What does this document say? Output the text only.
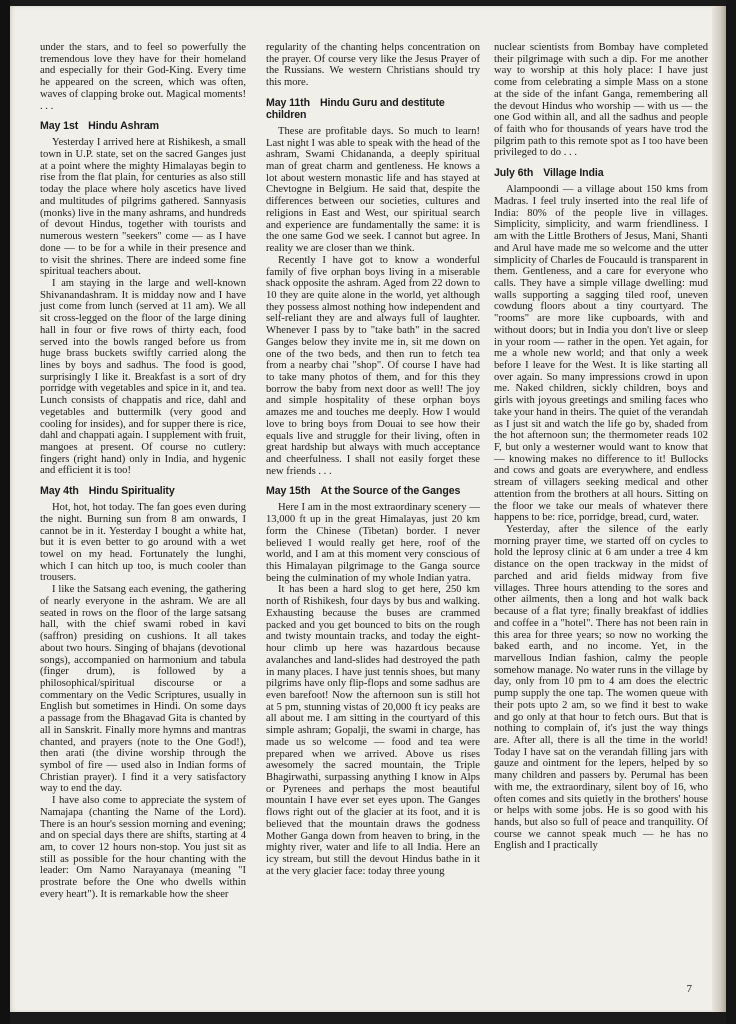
under the stars, and to feel so powerfully the tremendous love they have for their homeland and especially for their God-King. Every time he appeared on the screen, which was often, waves of clapping broke out. Magical moments! . . .

May 1st Hindu Ashram

Yesterday I arrived here at Rishikesh, a small town in U.P. state, set on the sacred Ganges just at a point where the mighty Himalayas begin to rise from the flat plain, for centuries as also still today the place where holy ascetics have lived and multitudes of pilgrims gathered. Sannyasis (monks) live in the many ashrams, and hundreds of devout Hindus, together with tourists and numerous western "seekers" come — as I have done — to be for a while in their presence and to visit the shrines. There are indeed some fine spiritual teachers about.

I am staying in the large and well-known Shivanandashram. It is midday now and I have just come from lunch (served at 11 am). We all sit cross-legged on the floor of the large dining hall in four or five rows of thirty each, food served into the bowls ranged before us from huge brass buckets swiftly carried along the lines by boys and sadhus. The food is good, surprisingly I like it. Breakfast is a sort of dry porridge with vegetables and spice in it, and tea. Lunch consists of chappatis and rice, dahl and vegetables and buttermilk (very good and cooling for insides), and for supper there is rice, dahl and chappati again. I supplement with fruit, mangoes at present. Of course no cutlery: fingers (right hand) only in India, and hygenic and efficient it is too!

May 4th Hindu Spirituality

Hot, hot, hot today. The fan goes even during the night. Burning sun from 8 am onwards, I cannot be in it. Yesterday I bought a white hat, but it is even better to go around with a wet towel on my head. Fortunately the lunghi, which I can hitch up too, is much cooler than trousers.

I like the Satsang each evening, the gathering of nearly everyone in the ashram. We are all seated in rows on the floor of the large satsang hall, with the chief swami robed in kavi (saffron) presiding on cushions. It all takes about two hours. Singing of bhajans (devotional songs), accompanied on harmonium and tabula (finger drum), is followed by a philosophical/spiritual discourse or a commentary on the Vedic Scriptures, usually in English but sometimes in Hindi. On some days a passage from the Bhagavad Gita is chanted by all in Sanskrit. Finally more hymns and mantras chanted, and prayers (note to the One God!), then arati (the divine worship through the symbol of fire — used also in Indian forms of Christian prayer). I find it a very satisfactory way to end the day.

I have also come to appreciate the system of Namajapa (chanting the Name of the Lord). There is an hour's session morning and evening; and on special days there are shifts, starting at 4 am, to cover 12 hours non-stop. You just sit as still as possible for the hour chanting with the leader: Om Namo Narayanaya (meaning "I prostrate before the One who dwells within every heart"). It is remarkable how the sheer

regularity of the chanting helps concentration on the prayer. Of course very like the Jesus Prayer of the Russians. We western Christians should try this more.

May 11th Hindu Guru and destitute children

These are profitable days. So much to learn! Last night I was able to speak with the head of the ashram, Swami Chidananda, a deeply spiritual man of great charm and gentleness. He knows a lot about western monastic life and has stayed at Chevtogne in Belgium. He said that, despite the differences between our societies, cultures and religions in East and West, our spiritual search and experience are fundamentally the same: it is the one same God we seek. I cannot but agree. In reality we are closer than we think.

Recently I have got to know a wonderful family of five orphan boys living in a miserable shack opposite the ashram. Aged from 22 down to 10 they are quite alone in the world, yet although they possess almost nothing how independent and self-reliant they are and always full of laughter. Whenever I pass by to "take bath" in the sacred Ganges below they invite me in, sit me down on one of the two beds, and then run to fetch tea from a nearby chai "shop". Of course I have had to take many photos of them, and for this they borrow the baby from next door as well! The joy and simple hospitality of these orphan boys amazes me and touches me deeply. How I would love to bring boys from Douai to see how their equals live and struggle for their living, often in great hardship but always with much acceptance and cheerfulness. I shall not easily forget these new friends . . .

May 15th At the Source of the Ganges

Here I am in the most extraordinary scenery — 13,000 ft up in the great Himalayas, just 20 km form the Chinese (Tibetan) border. I never believed I would really get here, roof of the world, and I am at this moment very conscious of this Himalayan pilgrimage to the Ganga source being the culmination of my whole Indian yatra.

It has been a hard slog to get here, 250 km north of Rishikesh, four days by bus and walking. Exhausting because the buses are crammed packed and you get bounced to bits on the rough and twisty mountain tracks, and today the eight-hour climb up here was hazardous because avalanches and land-slides had destroyed the path in many places. I have just tennis shoes, but many pilgrims have only flip-flops and some sadhus are even barefoot! Now the afternoon sun is still hot at 5 pm, stunning vistas of 20,000 ft icy peaks are all about me. I am sitting in the courtyard of this simple ashram; Gopalji, the swami in charge, has made us so welcome — food and tea were prepared when we arrived. Above us rises awesomely the sacred mountain, the Triple Bhagirwathi, surpassing anything I know in Alps or Pyrenees and perhaps the most beautiful mountain I have ever set eyes upon. The Ganges flows right out of the glacier at its foot, and it is believed that the mountain draws the godness Mother Ganga down from heaven to bring, in the mighty river, water and life to all India. Here an icy stream, but still the devout Hindus bathe in it at the very glacier face: today three young

nuclear scientists from Bombay have completed their pilgrimage with such a dip. For me another way to worship at this holy place: I have just come from celebrating a simple Mass on a stone at the side of the infant Ganga, remembering all the devout Hindus who worship — with us — the one God within all, and all the sadhus and people of faith who for thousands of years have trod the pilgrim path to this remote spot as I too have been privileged to do . . .

July 6th Village India

Alampoondi — a village about 150 kms from Madras. I feel truly inserted into the real life of India: 80% of the people live in villages. Simplicity, simplicity, and warm friendliness. I am with the Little Brothers of Jesus, Mani, Shanti and Arul have made me so welcome and the utter simplicity of Charles de Foucauld is transparent in them. Gentleness, and a care for everyone who calls. They have a simple village dwelling: mud walls supporting a sagging tiled roof, uneven cowdung floors about a tiny courtyard. The "rooms" are more like cupboards, with and without doors; but in India you don't live or sleep in your room — rather in the open. Yet again, for me a whole new world; and that only a week before I leave for the West. It is like starting all over again. So many impressions crowd in upon me. Naked children, sickly children, boys and girls with joyous greetings and smiling faces who take your hand in theirs. The quiet of the verandah as I just sit and watch the life go by, shaded from the hot afternoon sun; the thermometer reads 102 F, but only a westerner would want to know that — knowing makes no difference to it! Bullocks and cows and goats are everywhere, and endless stream of villagers seeking medical and other attention from the brothers at all hours. Sitting on the floor we take our meals of whatever there happens to be: rice, porridge, bread, curd, water.

Yesterday, after the silence of the early morning prayer time, we started off on cycles to hold the leprosy clinic at 6 am under a tree 4 km distance on the open trackway in the midst of parched and arid fields midway from five villages. Three hours attending to the sores and other ailments, then a long and hot walk back because of a flat tyre; finally breakfast of iddlies and coffee in a "hotel". There has not been rain in this area for three years; so now no working the baked earth, and no income. Yet, in the marvellous Indian fashion, calmy the people somehow manage. No water runs in the village by day, only from 10 pm to 4 am does the electric pump supply the one tap. The women queue with their pots upto 2 am, so we find it best to wake and go only at that hour to fetch ours. But that is nothing to complain of, it's just the way things are. After all, there is all the time in the world! Today I have sat on the verandah filling jars with gauze and ointment for the lepers, helped by so many children and passers by. Perumal has been with me, the extraordinary, silent boy of 16, who often comes and sits quietly in the brothers' house or helps with some jobs. He is so good with his hands, but also so full of peace and tranquility. Of course we cannot speak much — he has no English and I practically

7
